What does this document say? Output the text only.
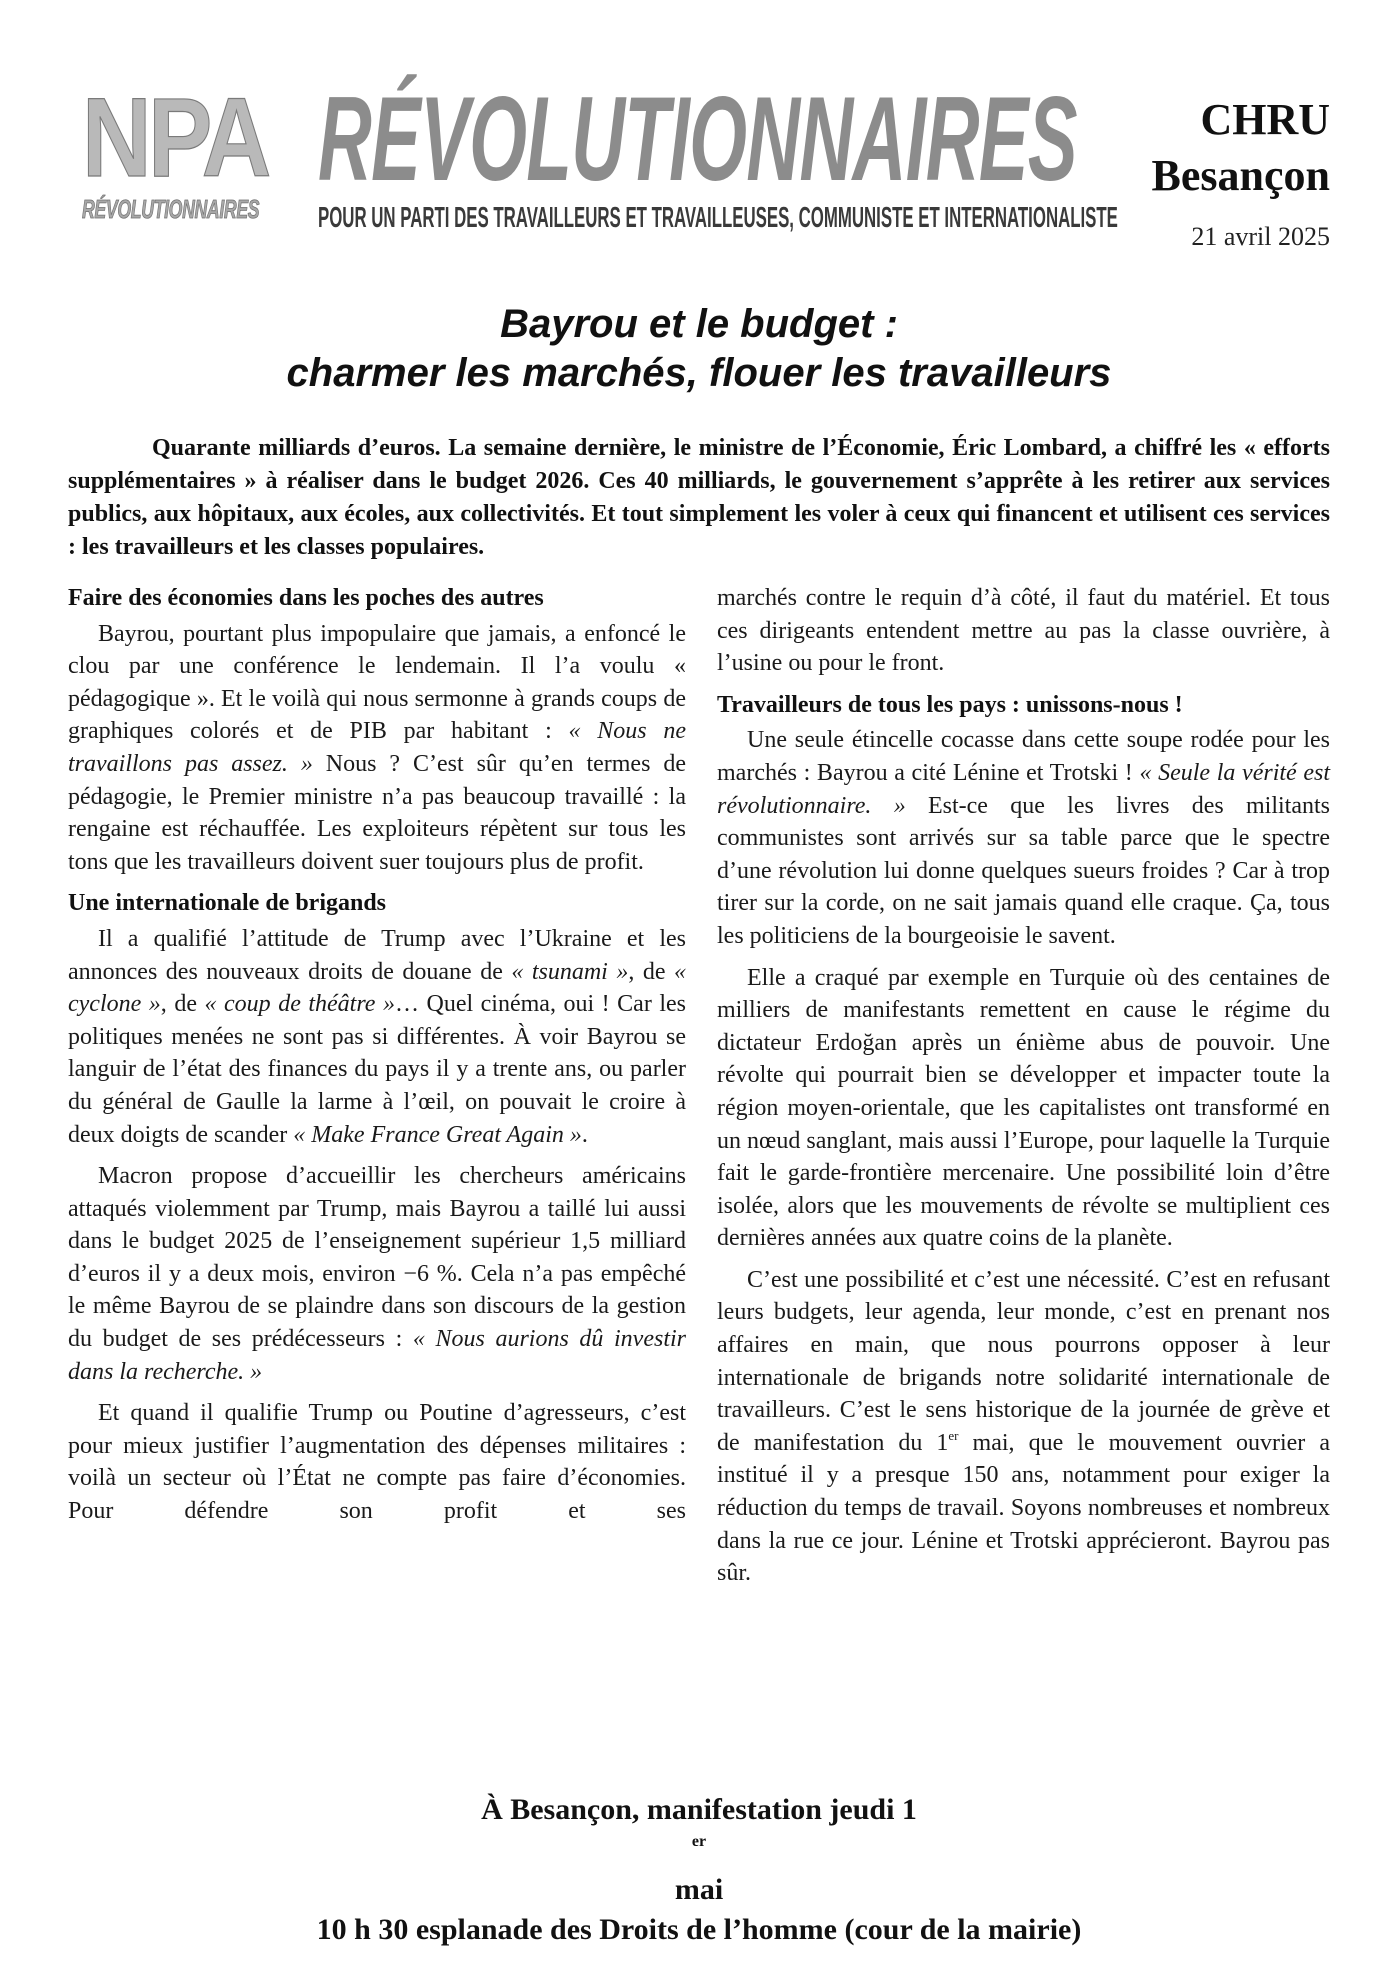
NPA
RÉVOLUTIONNAIRES
RÉVOLUTIONNAIRES
POUR UN PARTI DES TRAVAILLEURS ET TRAVAILLEUSES, COMMUNISTE ET INTERNATIONALISTE
CHRU
Besançon
21 avril 2025
Bayrou et le budget :
charmer les marchés, flouer les travailleurs

Quarante milliards d’euros. La semaine dernière, le ministre de l’Économie, Éric Lombard, a chiffré les « efforts supplémentaires » à réaliser dans le budget 2026. Ces 40 milliards, le gouvernement s’apprête à les retirer aux services publics, aux hôpitaux, aux écoles, aux collectivités. Et tout simplement les voler à ceux qui financent et utilisent ces services : les travailleurs et les classes populaires.

Faire des économies dans les poches des autres

Bayrou, pourtant plus impopulaire que jamais, a enfoncé le clou par une conférence le lendemain. Il l’a voulu « pédagogique ». Et le voilà qui nous sermonne à grands coups de graphiques colorés et de PIB par habitant : « Nous ne travaillons pas assez. » Nous ? C’est sûr qu’en termes de pédagogie, le Premier ministre n’a pas beaucoup travaillé : la rengaine est réchauffée. Les exploiteurs répètent sur tous les tons que les travailleurs doivent suer toujours plus de profit.

Une internationale de brigands

Il a qualifié l’attitude de Trump avec l’Ukraine et les annonces des nouveaux droits de douane de « tsunami », de « cyclone », de « coup de théâtre »… Quel cinéma, oui ! Car les politiques menées ne sont pas si différentes. À voir Bayrou se languir de l’état des finances du pays il y a trente ans, ou parler du général de Gaulle la larme à l’œil, on pouvait le croire à deux doigts de scander « Make France Great Again ».

Macron propose d’accueillir les chercheurs américains attaqués violemment par Trump, mais Bayrou a taillé lui aussi dans le budget 2025 de l’enseignement supérieur 1,5 milliard d’euros il y a deux mois, environ −6 %. Cela n’a pas empêché le même Bayrou de se plaindre dans son discours de la gestion du budget de ses prédécesseurs : « Nous aurions dû investir dans la recherche. »

Et quand il qualifie Trump ou Poutine d’agresseurs, c’est pour mieux justifier l’augmentation des dépenses militaires : voilà un secteur où l’État ne compte pas faire d’économies. Pour défendre son profit et ses

marchés contre le requin d’à côté, il faut du matériel. Et tous ces dirigeants entendent mettre au pas la classe ouvrière, à l’usine ou pour le front.

Travailleurs de tous les pays : unissons-nous !

Une seule étincelle cocasse dans cette soupe rodée pour les marchés : Bayrou a cité Lénine et Trotski ! « Seule la vérité est révolutionnaire. » Est-ce que les livres des militants communistes sont arrivés sur sa table parce que le spectre d’une révolution lui donne quelques sueurs froides ? Car à trop tirer sur la corde, on ne sait jamais quand elle craque. Ça, tous les politiciens de la bourgeoisie le savent.

Elle a craqué par exemple en Turquie où des centaines de milliers de manifestants remettent en cause le régime du dictateur Erdoğan après un énième abus de pouvoir. Une révolte qui pourrait bien se développer et impacter toute la région moyen-orientale, que les capitalistes ont transformé en un nœud sanglant, mais aussi l’Europe, pour laquelle la Turquie fait le garde-frontière mercenaire. Une possibilité loin d’être isolée, alors que les mouvements de révolte se multiplient ces dernières années aux quatre coins de la planète.

C’est une possibilité et c’est une nécessité. C’est en refusant leurs budgets, leur agenda, leur monde, c’est en prenant nos affaires en main, que nous pourrons opposer à leur internationale de brigands notre solidarité internationale de travailleurs. C’est le sens historique de la journée de grève et de manifestation du 1er mai, que le mouvement ouvrier a institué il y a presque 150 ans, notamment pour exiger la réduction du temps de travail. Soyons nombreuses et nombreux dans la rue ce jour. Lénine et Trotski apprécieront. Bayrou pas sûr.

À Besançon, manifestation jeudi 1
$^{er}$
mai
10 h 30 esplanade des Droits de l’homme (cour de la mairie)
